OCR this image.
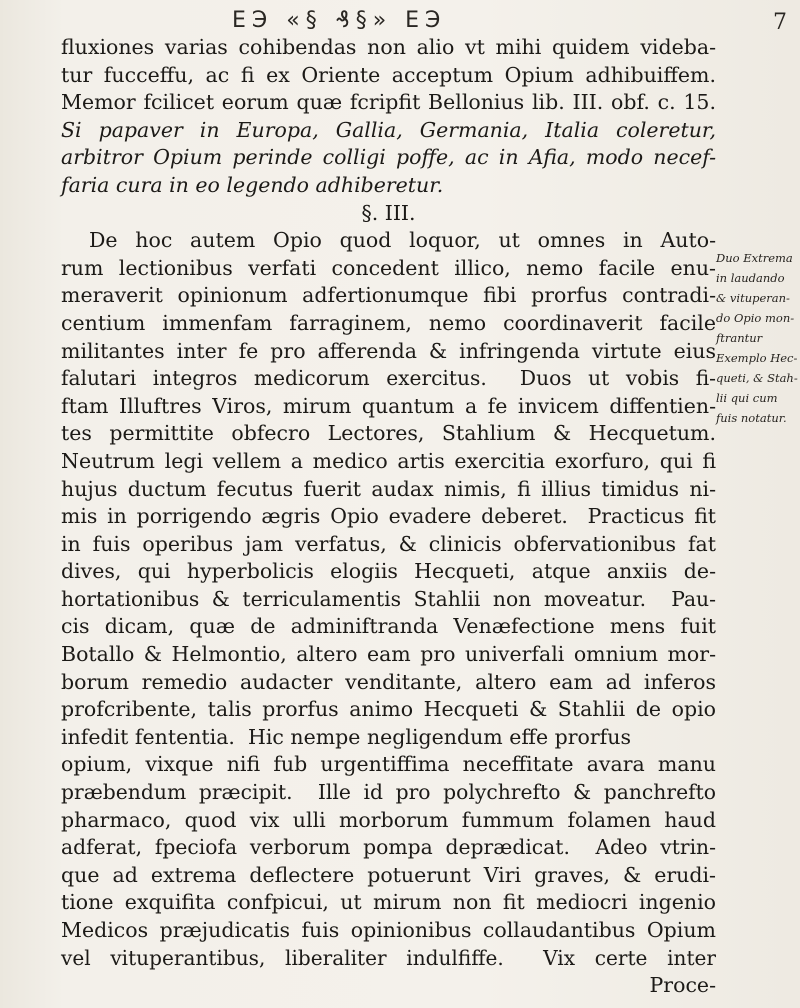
ЕЭ «§ ₰§» ЕЭ	7
fluxiones varias cohibendas non alio vt mihi quidem videba-
tur fucceffu, ac fi ex Oriente acceptum Opium adhibuiffem.
Memor fcilicet eorum quæ fcripfit Bellonius lib. III. obf. c. 15.
Si papaver in Europa, Gallia, Germania, Italia coleretur,
arbitror Opium perinde colligi poffe, ac in Afia, modo necef-
faria cura in eo legendo adhiberetur.
§. III.
De hoc autem Opio quod loquor, ut omnes in Auto-
rum lectionibus verfati concedent illico, nemo facile enu-
meraverit opinionum adfertionumque fibi prorfus contradi-
centium immenfam farraginem, nemo coordinaverit facile
militantes inter fe pro afferenda & infringenda virtute eius
falutari integros medicorum exercitus.  Duos ut vobis fi-
ftam Illuftres Viros, mirum quantum a fe invicem diffentien-
tes permittite obfecro Lectores, Stahlium & Hecquetum.
Neutrum legi vellem a medico artis exercitia exorfuro, qui fi
hujus ductum fecutus fuerit audax nimis, fi illius timidus ni-
mis in porrigendo ægris Opio evadere deberet.  Practicus fit
in fuis operibus jam verfatus, & clinicis obfervationibus fat
dives, qui hyperbolicis elogiis Hecqueti, atque anxiis de-
hortationibus & terriculamentis Stahlii non moveatur.  Pau-
cis dicam, quæ de adminiftranda Venæfectione mens fuit
Botallo & Helmontio, altero eam pro univerfali omnium mor-
borum remedio audacter venditante, altero eam ad inferos
profcribente, talis prorfus animo Hecqueti & Stahlii de opio
infedit fententia.  Hic nempe negligendum effe prorfus
opium, vixque nifi fub urgentiffima neceffitate avara manu
præbendum præcipit.  Ille id pro polychrefto & panchrefto
pharmaco, quod vix ulli morborum fummum folamen haud
adferat, fpeciofa verborum pompa deprædicat.  Adeo vtrin-
que ad extrema deflectere potuerunt Viri graves, & erudi-
tione exquifita confpicui, ut mirum non fit mediocri ingenio
Medicos præjudicatis fuis opinionibus collaudantibus Opium
vel vituperantibus, liberaliter indulfiffe.  Vix certe inter
Proce-
Duo Extrema
in laudando
& vituperan-
do Opio mon-
ftrantur
Exemplo Hec-
queti, & Stah-
lii qui cum
fuis notatur.
